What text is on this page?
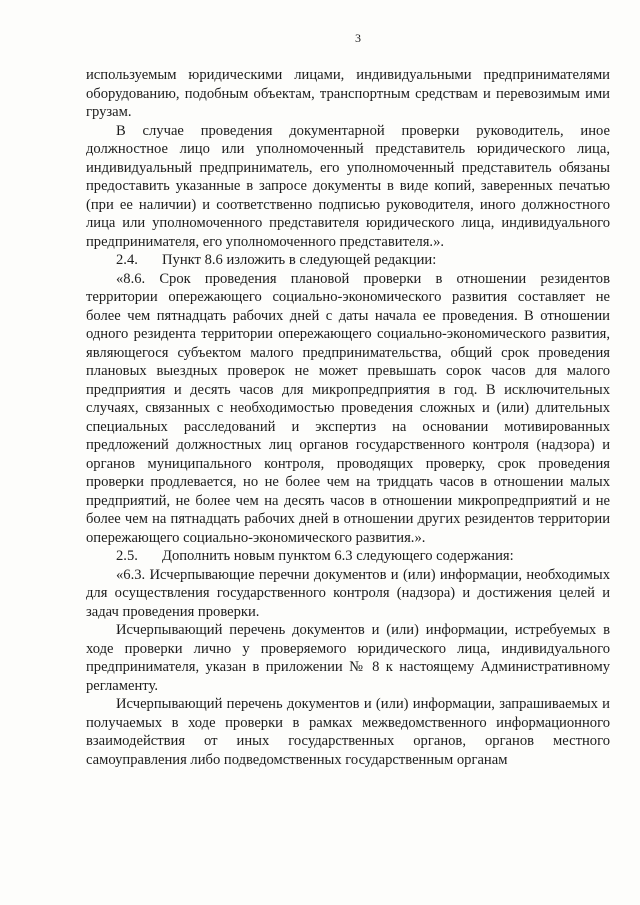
3

используемым юридическими лицами, индивидуальными предпринимателями оборудованию, подобным объектам, транспортным средствам и перевозимым ими грузам.

В случае проведения документарной проверки руководитель, иное должностное лицо или уполномоченный представитель юридического лица, индивидуальный предприниматель, его уполномоченный представитель обязаны предоставить указанные в запросе документы в виде копий, заверенных печатью (при ее наличии) и соответственно подписью руководителя, иного должностного лица или уполномоченного представителя юридического лица, индивидуального предпринимателя, его уполномоченного представителя.».

2.4. Пункт 8.6 изложить в следующей редакции:

«8.6. Срок проведения плановой проверки в отношении резидентов территории опережающего социально-экономического развития составляет не более чем пятнадцать рабочих дней с даты начала ее проведения. В отношении одного резидента территории опережающего социально-экономического развития, являющегося субъектом малого предпринимательства, общий срок проведения плановых выездных проверок не может превышать сорок часов для малого предприятия и десять часов для микропредприятия в год. В исключительных случаях, связанных с необходимостью проведения сложных и (или) длительных специальных расследований и экспертиз на основании мотивированных предложений должностных лиц органов государственного контроля (надзора) и органов муниципального контроля, проводящих проверку, срок проведения проверки продлевается, но не более чем на тридцать часов в отношении малых предприятий, не более чем на десять часов в отношении микропредприятий и не более чем на пятнадцать рабочих дней в отношении других резидентов территории опережающего социально-экономического развития.».

2.5. Дополнить новым пунктом 6.3 следующего содержания:

«6.3. Исчерпывающие перечни документов и (или) информации, необходимых для осуществления государственного контроля (надзора) и достижения целей и задач проведения проверки.

Исчерпывающий перечень документов и (или) информации, истребуемых в ходе проверки лично у проверяемого юридического лица, индивидуального предпринимателя, указан в приложении № 8 к настоящему Административному регламенту.

Исчерпывающий перечень документов и (или) информации, запрашиваемых и получаемых в ходе проверки в рамках межведомственного информационного взаимодействия от иных государственных органов, органов местного самоуправления либо подведомственных государственным органам
